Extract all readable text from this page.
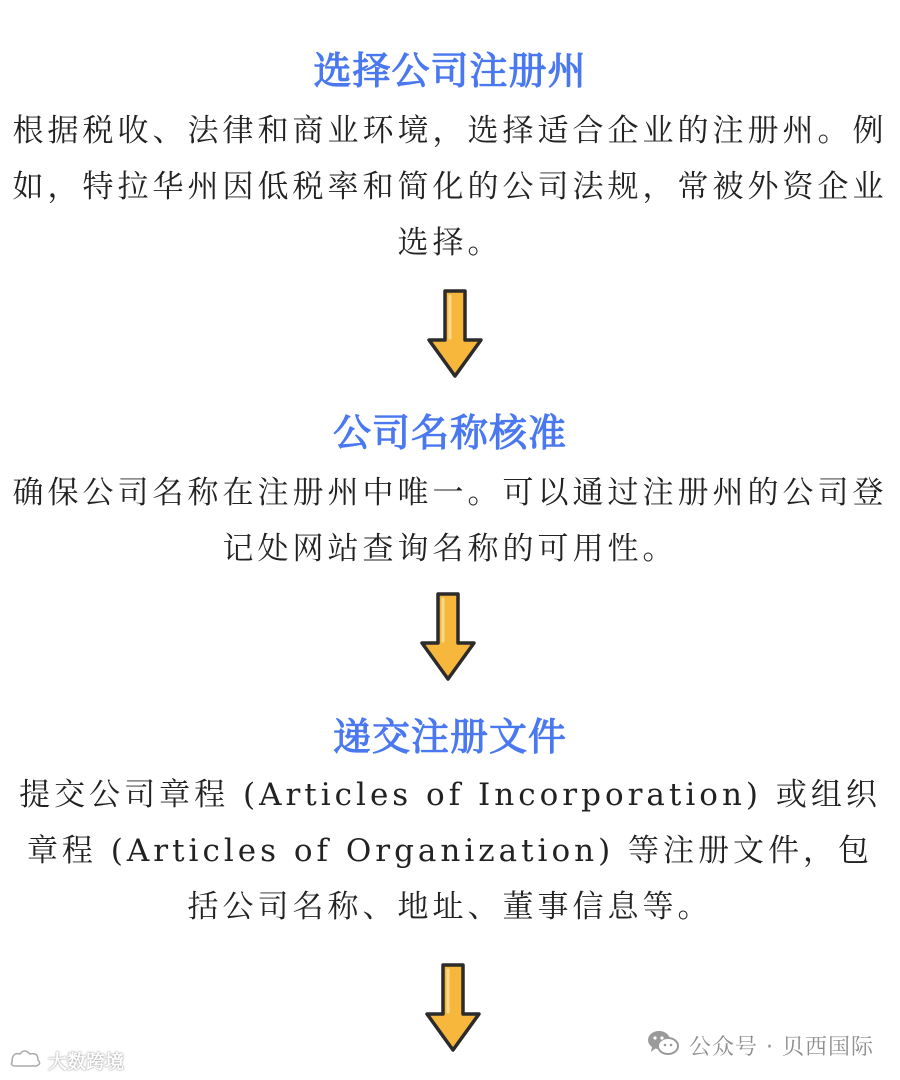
选择公司注册州
根据税收、法律和商业环境，选择适合企业的注册州。例如，特拉华州因低税率和简化的公司法规，常被外资企业选择。
公司名称核准
确保公司名称在注册州中唯一。可以通过注册州的公司登记处网站查询名称的可用性。
递交注册文件
提交公司章程 (Articles of Incorporation) 或组织章程 (Articles of Organization) 等注册文件，包括公司名称、地址、董事信息等。
大数跨境
公众号 · 贝西国际
